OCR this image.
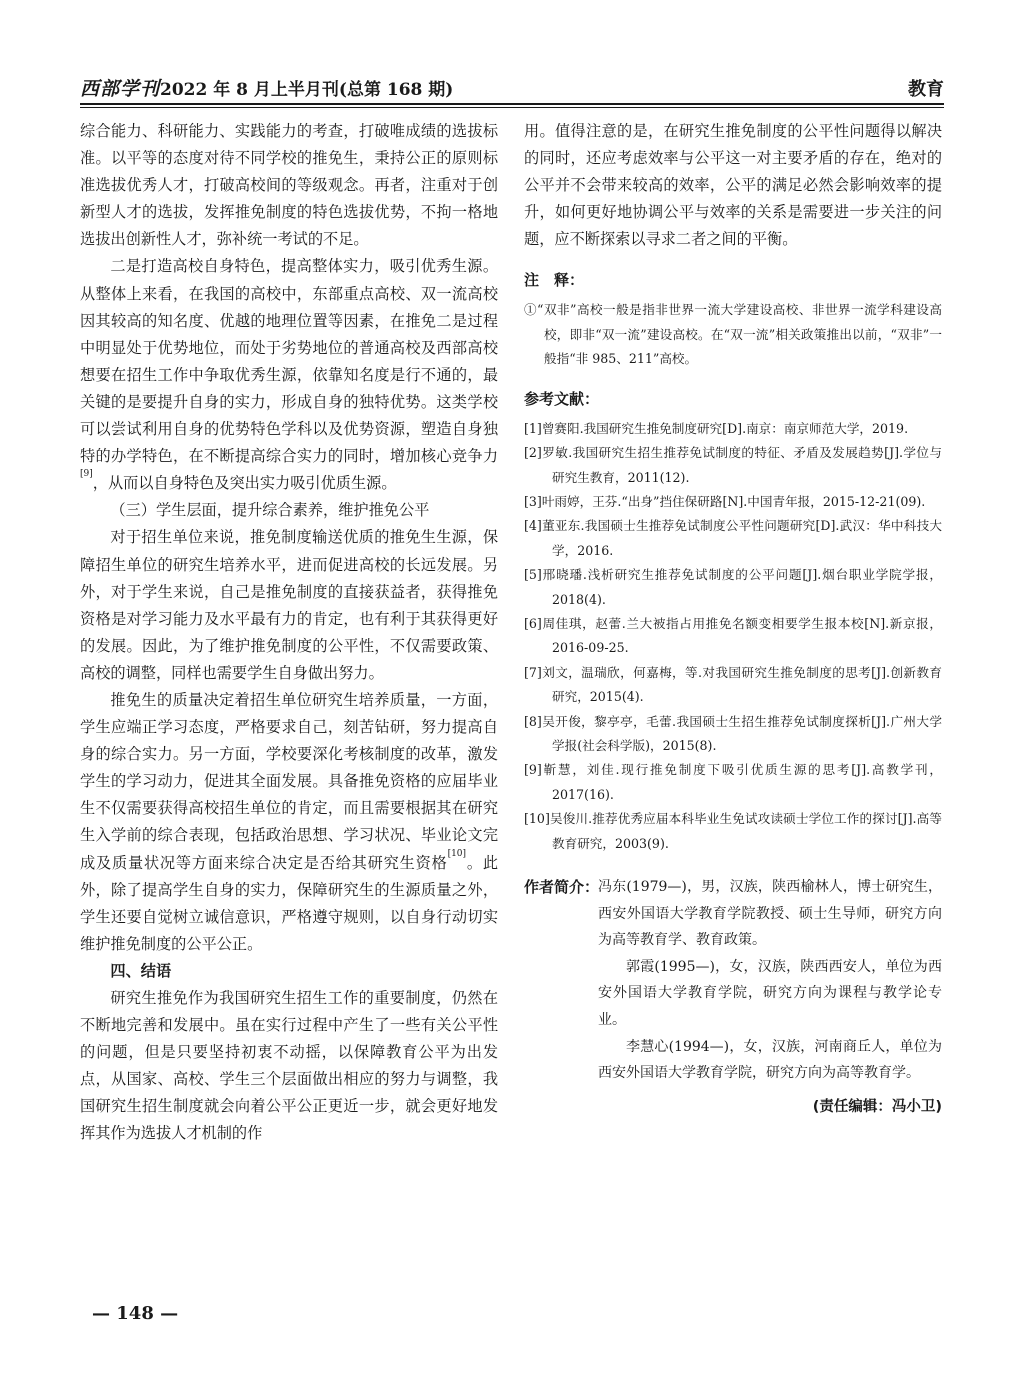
西部学刊 2022 年 8 月上半月刊(总第 168 期)	教育

综合能力、科研能力、实践能力的考查，打破唯成绩的选拔标准。以平等的态度对待不同学校的推免生，秉持公正的原则标准选拔优秀人才，打破高校间的等级观念。再者，注重对于创新型人才的选拔，发挥推免制度的特色选拔优势，不拘一格地选拔出创新性人才，弥补统一考试的不足。

二是打造高校自身特色，提高整体实力，吸引优秀生源。从整体上来看，在我国的高校中，东部重点高校、双一流高校因其较高的知名度、优越的地理位置等因素，在推免二是过程中明显处于优势地位，而处于劣势地位的普通高校及西部高校想要在招生工作中争取优秀生源，依靠知名度是行不通的，最关键的是要提升自身的实力，形成自身的独特优势。这类学校可以尝试利用自身的优势特色学科以及优势资源，塑造自身独特的办学特色，在不断提高综合实力的同时，增加核心竞争力[9]，从而以自身特色及突出实力吸引优质生源。

（三）学生层面，提升综合素养，维护推免公平

对于招生单位来说，推免制度输送优质的推免生生源，保障招生单位的研究生培养水平，进而促进高校的长远发展。另外，对于学生来说，自己是推免制度的直接获益者，获得推免资格是对学习能力及水平最有力的肯定，也有利于其获得更好的发展。因此，为了维护推免制度的公平性，不仅需要政策、高校的调整，同样也需要学生自身做出努力。

推免生的质量决定着招生单位研究生培养质量，一方面，学生应端正学习态度，严格要求自己，刻苦钻研，努力提高自身的综合实力。另一方面，学校要深化考核制度的改革，激发学生的学习动力，促进其全面发展。具备推免资格的应届毕业生不仅需要获得高校招生单位的肯定，而且需要根据其在研究生入学前的综合表现，包括政治思想、学习状况、毕业论文完成及质量状况等方面来综合决定是否给其研究生资格[10]。此外，除了提高学生自身的实力，保障研究生的生源质量之外，学生还要自觉树立诚信意识，严格遵守规则，以自身行动切实维护推免制度的公平公正。

四、结语

研究生推免作为我国研究生招生工作的重要制度，仍然在不断地完善和发展中。虽在实行过程中产生了一些有关公平性的问题，但是只要坚持初衷不动摇，以保障教育公平为出发点，从国家、高校、学生三个层面做出相应的努力与调整，我国研究生招生制度就会向着公平公正更近一步，就会更好地发挥其作为选拔人才机制的作

用。值得注意的是，在研究生推免制度的公平性问题得以解决的同时，还应考虑效率与公平这一对主要矛盾的存在，绝对的公平并不会带来较高的效率，公平的满足必然会影响效率的提升，如何更好地协调公平与效率的关系是需要进一步关注的问题，应不断探索以寻求二者之间的平衡。

注　释：

①“双非”高校一般是指非世界一流大学建设高校、非世界一流学科建设高校，即非“双一流”建设高校。在“双一流”相关政策推出以前，“双非”一般指“非 985、211”高校。

参考文献：

[1]曾赛阳.我国研究生推免制度研究[D].南京：南京师范大学，2019.

[2]罗敏.我国研究生招生推荐免试制度的特征、矛盾及发展趋势[J].学位与研究生教育，2011(12).

[3]叶雨婷，王芬.“出身”挡住保研路[N].中国青年报，2015-12-21(09).

[4]董亚东.我国硕士生推荐免试制度公平性问题研究[D].武汉：华中科技大学，2016.

[5]邢晓璠.浅析研究生推荐免试制度的公平问题[J].烟台职业学院学报，2018(4).

[6]周佳琪，赵蕾.兰大被指占用推免名额变相要学生报本校[N].新京报，2016-09-25.

[7]刘文，温瑞欣，何嘉梅，等.对我国研究生推免制度的思考[J].创新教育研究，2015(4).

[8]吴开俊，黎亭亭，毛蕾.我国硕士生招生推荐免试制度探析[J].广州大学学报(社会科学版)，2015(8).

[9]靳慧，刘佳.现行推免制度下吸引优质生源的思考[J].高教学刊，2017(16).

[10]吴俊川.推荐优秀应届本科毕业生免试攻读硕士学位工作的探讨[J].高等教育研究，2003(9).

作者简介：

冯东(1979—)，男，汉族，陕西榆林人，博士研究生，西安外国语大学教育学院教授、硕士生导师，研究方向为高等教育学、教育政策。

郭霞(1995—)，女，汉族，陕西西安人，单位为西安外国语大学教育学院，研究方向为课程与教学论专业。

李慧心(1994—)，女，汉族，河南商丘人，单位为西安外国语大学教育学院，研究方向为高等教育学。

(责任编辑：冯小卫)
— 148 —
